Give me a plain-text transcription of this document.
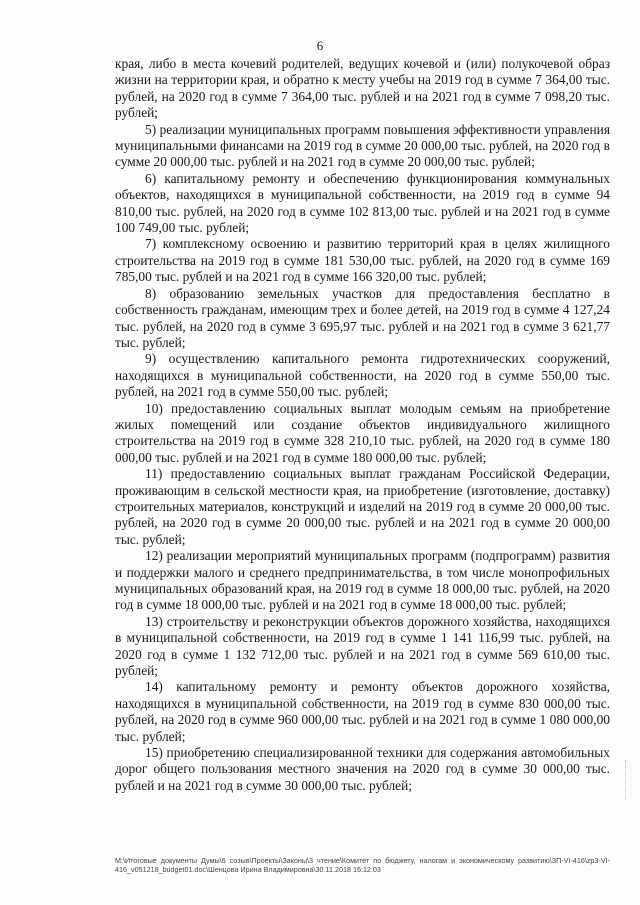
6

края, либо в места кочевий родителей, ведущих кочевой и (или) полукочевой образ жизни на территории края, и обратно к месту учебы на 2019 год в сумме 7 364,00 тыс. рублей, на 2020 год в сумме 7 364,00 тыс. рублей и на 2021 год в сумме 7 098,20 тыс. рублей;

5) реализации муниципальных программ повышения эффективности управления муниципальными финансами на 2019 год в сумме 20 000,00 тыс. рублей, на 2020 год в сумме 20 000,00 тыс. рублей и на 2021 год в сумме 20 000,00 тыс. рублей;

6) капитальному ремонту и обеспечению функционирования коммунальных объектов, находящихся в муниципальной собственности, на 2019 год в сумме 94 810,00 тыс. рублей, на 2020 год в сумме 102 813,00 тыс. рублей и на 2021 год в сумме 100 749,00 тыс. рублей;

7) комплексному освоению и развитию территорий края в целях жилищного строительства на 2019 год в сумме 181 530,00 тыс. рублей, на 2020 год в сумме 169 785,00 тыс. рублей и на 2021 год в сумме 166 320,00 тыс. рублей;

8) образованию земельных участков для предоставления бесплатно в собственность гражданам, имеющим трех и более детей, на 2019 год в сумме 4 127,24 тыс. рублей, на 2020 год в сумме 3 695,97 тыс. рублей и на 2021 год в сумме 3 621,77 тыс. рублей;

9) осуществлению капитального ремонта гидротехнических сооружений, находящихся в муниципальной собственности, на 2020 год в сумме 550,00 тыс. рублей, на 2021 год в сумме 550,00 тыс. рублей;

10) предоставлению социальных выплат молодым семьям на приобретение жилых помещений или создание объектов индивидуального жилищного строительства на 2019 год в сумме 328 210,10 тыс. рублей, на 2020 год в сумме 180 000,00 тыс. рублей и на 2021 год в сумме 180 000,00 тыс. рублей;

11) предоставлению социальных выплат гражданам Российской Федерации, проживающим в сельской местности края, на приобретение (изготовление, доставку) строительных материалов, конструкций и изделий на 2019 год в сумме 20 000,00 тыс. рублей, на 2020 год в сумме 20 000,00 тыс. рублей и на 2021 год в сумме 20 000,00 тыс. рублей;

12) реализации мероприятий муниципальных программ (подпрограмм) развития и поддержки малого и среднего предпринимательства, в том числе монопрофильных муниципальных образований края, на 2019 год в сумме 18 000,00 тыс. рублей, на 2020 год в сумме 18 000,00 тыс. рублей и на 2021 год в сумме 18 000,00 тыс. рублей;

13) строительству и реконструкции объектов дорожного хозяйства, находящихся в муниципальной собственности, на 2019 год в сумме 1 141 116,99 тыс. рублей, на 2020 год в сумме 1 132 712,00 тыс. рублей и на 2021 год в сумме 569 610,00 тыс. рублей;

14) капитальному ремонту и ремонту объектов дорожного хозяйства, находящихся в муниципальной собственности, на 2019 год в сумме 830 000,00 тыс. рублей, на 2020 год в сумме 960 000,00 тыс. рублей и на 2021 год в сумме 1 080 000,00 тыс. рублей;

15) приобретению специализированной техники для содержания автомобильных дорог общего пользования местного значения на 2020 год в сумме 30 000,00 тыс. рублей и на 2021 год в сумме 30 000,00 тыс. рублей;

М:\Итоговые документы Думы\6 созыв\Проекты\Законы\3 чтение\Комитет по бюджету, налогам и экономическому развитию\ЗП-VI-416\zp3-VI-416_v051218_budget01.doc\Шенцова Ирина Владимировна\30.11.2018 16:12:03
